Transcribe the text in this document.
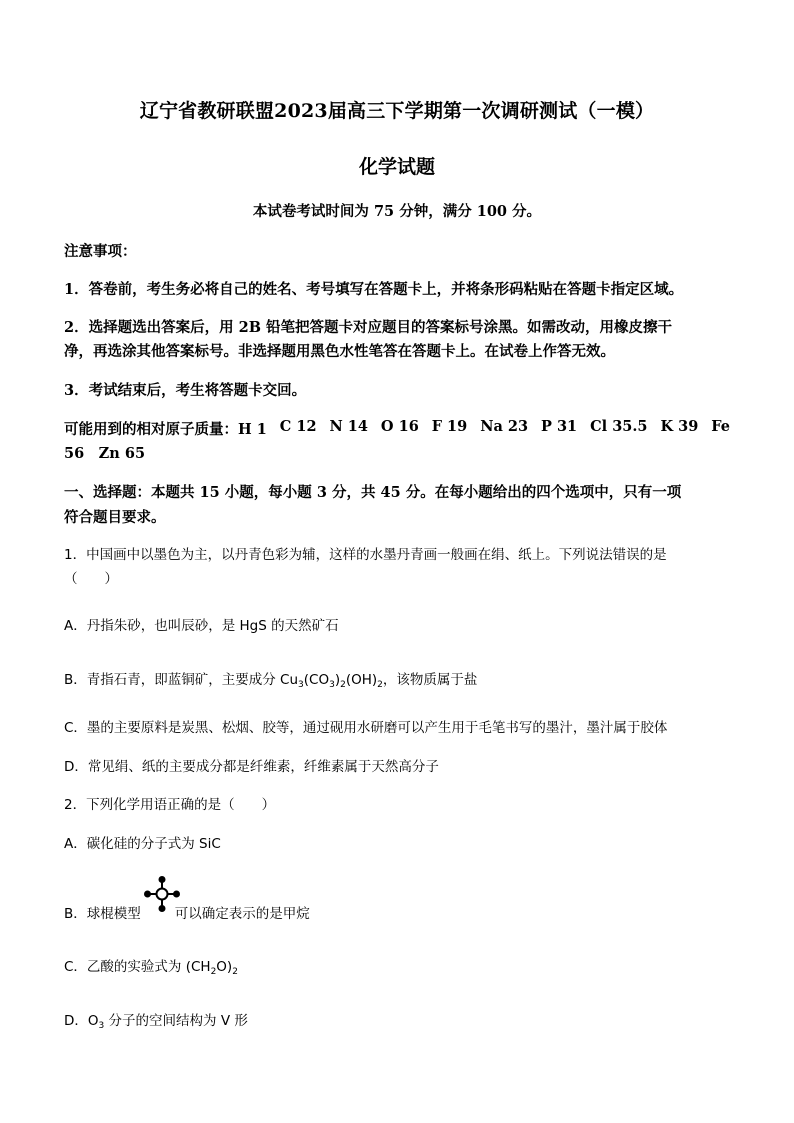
辽宁省教研联盟2023届高三下学期第一次调研测试（一模）
化学试题
本试卷考试时间为 75 分钟，满分 100 分。
注意事项：
1．答卷前，考生务必将自己的姓名、考号填写在答题卡上，并将条形码粘贴在答题卡指定区域。
2．选择题选出答案后，用 2B 铅笔把答题卡对应题目的答案标号涂黑。如需改动，用橡皮擦干
净，再选涂其他答案标号。非选择题用黑色水性笔答在答题卡上。在试卷上作答无效。
3．考试结束后，考生将答题卡交回。
可能用到的相对原子质量：H 1 C 12 N 14 O 16 F 19 Na 23 P 31 Cl 35.5 K 39 Fe
56　Zn 65
一、选择题：本题共 15 小题，每小题 3 分，共 45 分。在每小题给出的四个选项中，只有一项
符合题目要求。
1．中国画中以墨色为主，以丹青色彩为辅，这样的水墨丹青画一般画在绢、纸上。下列说法错误的是
（　　）
A．丹指朱砂，也叫辰砂，是 HgS 的天然矿石
B．青指石青，即蓝铜矿，主要成分 $Cu_3(CO_3)_2(OH)_2$，该物质属于盐
C．墨的主要原料是炭黑、松烟、胶等，通过砚用水研磨可以产生用于毛笔书写的墨汁，墨汁属于胶体
D．常见绢、纸的主要成分都是纤维素，纤维素属于天然高分子
2．下列化学用语正确的是（　　）
A．碳化硅的分子式为 SiC
B．球棍模型	可以确定表示的是甲烷
C．乙酸的实验式为 $(CH_2O)_2$
D．$O_3$ 分子的空间结构为 V 形
